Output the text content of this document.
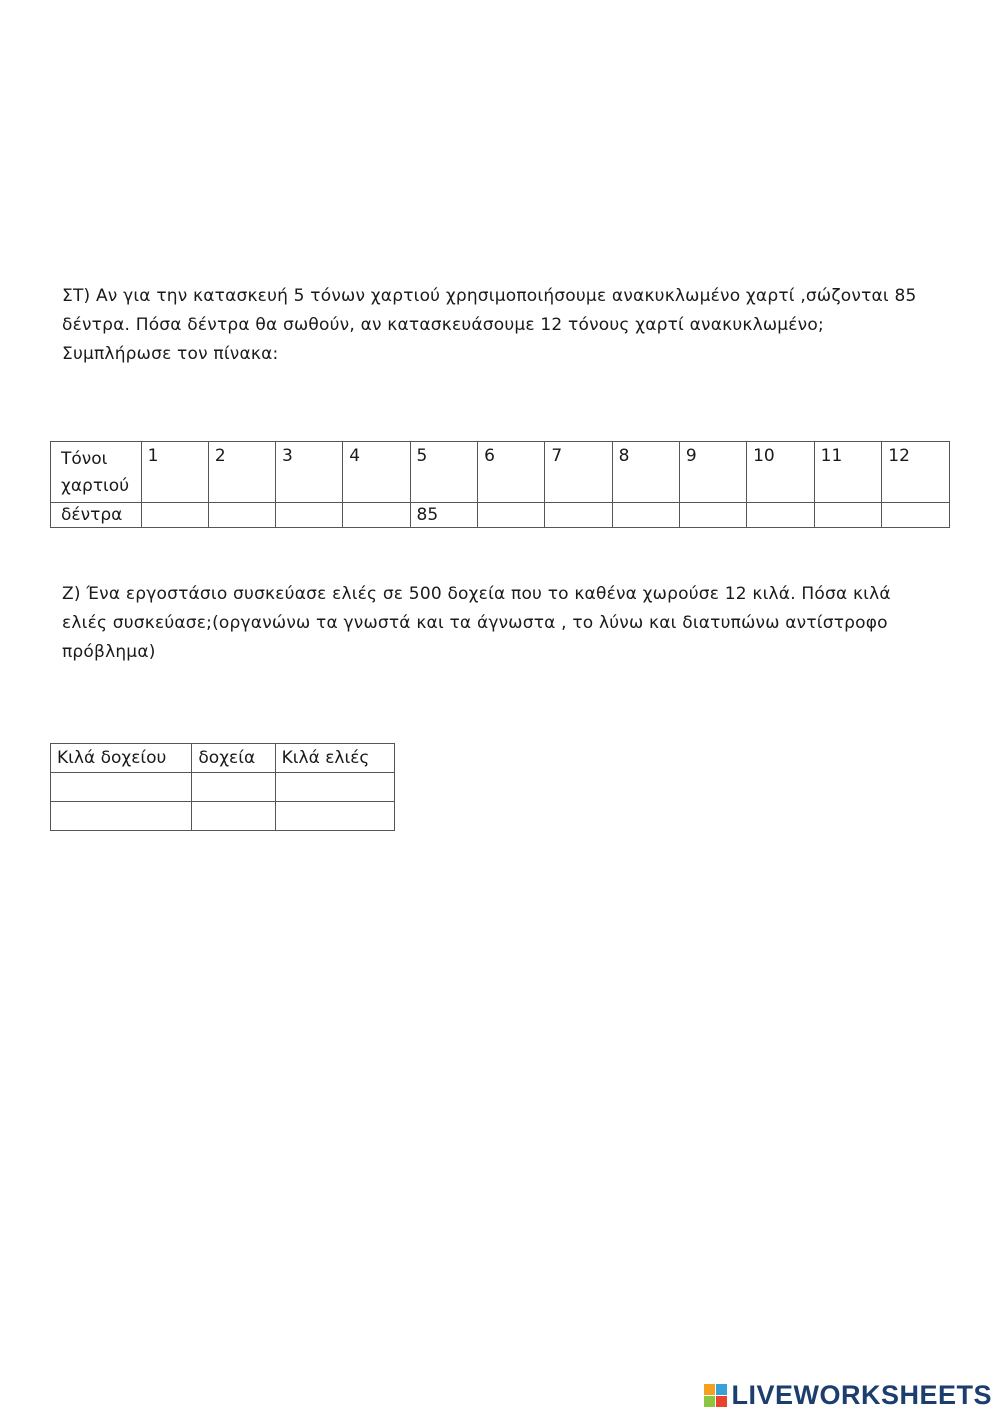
ΣΤ) Αν για την κατασκευή 5 τόνων χαρτιού χρησιμοποιήσουμε ανακυκλωμένο χαρτί ,σώζονται 85
δέντρα. Πόσα δέντρα θα σωθούν, αν κατασκευάσουμε 12 τόνους χαρτί ανακυκλωμένο;
Συμπλήρωσε τον πίνακα:
Τόνοι
χαρτιού	1	2	3	4	5	6	7	8	9	10	11	12
δέντρα					85							
Ζ) Ένα εργοστάσιο συσκεύασε ελιές σε 500 δοχεία που το καθένα χωρούσε 12 κιλά. Πόσα κιλά
ελιές συσκεύασε;(οργανώνω τα γνωστά και τα άγνωστα , το λύνω και διατυπώνω αντίστροφο
πρόβλημα)
Κιλά δοχείου	δοχεία	Κιλά ελιές

LIVEWORKSHEETS
